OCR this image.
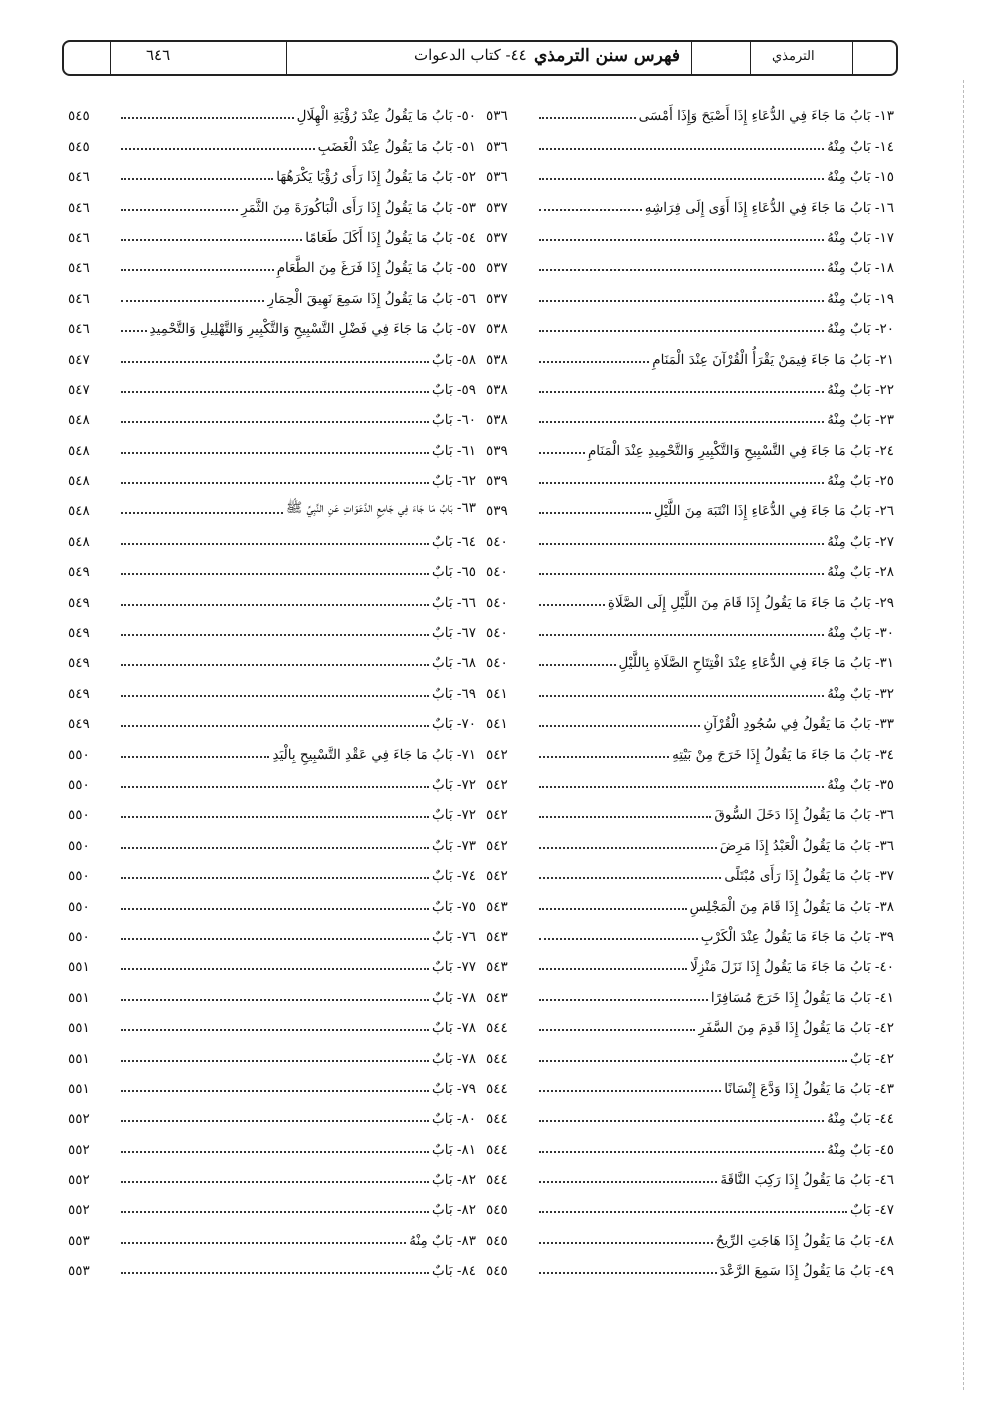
٦٤٦	٤٤- كتاب الدعوات فهرس سنن الترمذي	الترمذي
٥٣٦	١٣- بَابُ مَا جَاءَ فِي الدُّعَاءِ إِذَا أَصْبَحَ وَإِذَا أَمْسَى
٥٣٦	١٤- بَابٌ مِنْهُ
٥٣٦	١٥- بَابٌ مِنْهُ
٥٣٧	١٦- بَابُ مَا جَاءَ فِي الدُّعَاءِ إِذَا أَوَى إِلَى فِرَاشِهِ
٥٣٧	١٧- بَابٌ مِنْهُ
٥٣٧	١٨- بَابٌ مِنْهُ
٥٣٧	١٩- بَابٌ مِنْهُ
٥٣٨	٢٠- بَابٌ مِنْهُ
٥٣٨	٢١- بَابُ مَا جَاءَ فِيمَنْ يَقْرَأُ الْقُرْآنَ عِنْدَ الْمَنَامِ
٥٣٨	٢٢- بَابٌ مِنْهُ
٥٣٨	٢٣- بَابٌ مِنْهُ
٥٣٩	٢٤- بَابُ مَا جَاءَ فِي التَّسْبِيحِ وَالتَّكْبِيرِ وَالتَّحْمِيدِ عِنْدَ الْمَنَامِ
٥٣٩	٢٥- بَابٌ مِنْهُ
٥٣٩	٢٦- بَابُ مَا جَاءَ فِي الدُّعَاءِ إِذَا انْتَبَهَ مِنَ اللَّيْلِ
٥٤٠	٢٧- بَابٌ مِنْهُ
٥٤٠	٢٨- بَابٌ مِنْهُ
٥٤٠	٢٩- بَابُ مَا جَاءَ مَا يَقُولُ إِذَا قَامَ مِنَ اللَّيْلِ إِلَى الصَّلَاةِ
٥٤٠	٣٠- بَابٌ مِنْهُ
٥٤٠	٣١- بَابُ مَا جَاءَ فِي الدُّعَاءِ عِنْدَ افْتِتَاحِ الصَّلَاةِ بِاللَّيْلِ
٥٤١	٣٢- بَابٌ مِنْهُ
٥٤١	٣٣- بَابُ مَا يَقُولُ فِي سُجُودِ الْقُرْآنِ
٥٤٢	٣٤- بَابُ مَا جَاءَ مَا يَقُولُ إِذَا خَرَجَ مِنْ بَيْتِهِ
٥٤٢	٣٥- بَابٌ مِنْهُ
٥٤٢	٣٦- بَابُ مَا يَقُولُ إِذَا دَخَلَ السُّوقَ
٥٤٢	٣٦- بَابُ مَا يَقُولُ الْعَبْدُ إِذَا مَرِضَ
٥٤٢	٣٧- بَابُ مَا يَقُولُ إِذَا رَأَى مُبْتَلًى
٥٤٣	٣٨- بَابُ مَا يَقُولُ إِذَا قَامَ مِنَ الْمَجْلِسِ
٥٤٣	٣٩- بَابُ مَا جَاءَ مَا يَقُولُ عِنْدَ الْكَرْبِ
٥٤٣	٤٠- بَابُ مَا جَاءَ مَا يَقُولُ إِذَا نَزَلَ مَنْزِلًا
٥٤٣	٤١- بَابُ مَا يَقُولُ إِذَا خَرَجَ مُسَافِرًا
٥٤٤	٤٢- بَابُ مَا يَقُولُ إِذَا قَدِمَ مِنَ السَّفَرِ
٥٤٤	٤٢- بَابٌ
٥٤٤	٤٣- بَابُ مَا يَقُولُ إِذَا وَدَّعَ إِنْسَانًا
٥٤٤	٤٤- بَابٌ مِنْهُ
٥٤٤	٤٥- بَابٌ مِنْهُ
٥٤٤	٤٦- بَابُ مَا يَقُولُ إِذَا رَكِبَ النَّاقَةَ
٥٤٥	٤٧- بَابٌ
٥٤٥	٤٨- بَابُ مَا يَقُولُ إِذَا هَاجَتِ الرِّيحُ
٥٤٥	٤٩- بَابُ مَا يَقُولُ إِذَا سَمِعَ الرَّعْدَ
٥٤٥	٥٠- بَابُ مَا يَقُولُ عِنْدَ رُؤْيَةِ الْهِلَالِ
٥٤٥	٥١- بَابُ مَا يَقُولُ عِنْدَ الْغَضَبِ
٥٤٦	٥٢- بَابُ مَا يَقُولُ إِذَا رَأَى رُؤْيَا يَكْرَهُهَا
٥٤٦	٥٣- بَابُ مَا يَقُولُ إِذَا رَأَى الْبَاكُورَةَ مِنَ الثَّمَرِ
٥٤٦	٥٤- بَابُ مَا يَقُولُ إِذَا أَكَلَ طَعَامًا
٥٤٦	٥٥- بَابُ مَا يَقُولُ إِذَا فَرَغَ مِنَ الطَّعَامِ
٥٤٦	٥٦- بَابُ مَا يَقُولُ إِذَا سَمِعَ نَهِيقَ الْحِمَارِ
٥٤٦	٥٧- بَابُ مَا جَاءَ فِي فَضْلِ التَّسْبِيحِ وَالتَّكْبِيرِ وَالتَّهْلِيلِ وَالتَّحْمِيدِ
٥٤٧	٥٨- بَابٌ
٥٤٧	٥٩- بَابٌ
٥٤٨	٦٠- بَابٌ
٥٤٨	٦١- بَابٌ
٥٤٨	٦٢- بَابٌ
٥٤٨	٦٣- بَابُ مَا جَاءَ فِي جَامِعِ الدَّعَوَاتِ عَنِ النَّبِيِّ ﷺ
٥٤٨	٦٤- بَابٌ
٥٤٩	٦٥- بَابٌ
٥٤٩	٦٦- بَابٌ
٥٤٩	٦٧- بَابٌ
٥٤٩	٦٨- بَابٌ
٥٤٩	٦٩- بَابٌ
٥٤٩	٧٠- بَابٌ
٥٥٠	٧١- بَابُ مَا جَاءَ فِي عَقْدِ التَّسْبِيحِ بِالْيَدِ
٥٥٠	٧٢- بَابٌ
٥٥٠	٧٢- بَابٌ
٥٥٠	٧٣- بَابٌ
٥٥٠	٧٤- بَابٌ
٥٥٠	٧٥- بَابٌ
٥٥٠	٧٦- بَابٌ
٥٥١	٧٧- بَابٌ
٥٥١	٧٨- بَابٌ
٥٥١	٧٨- بَابٌ
٥٥١	٧٨- بَابٌ
٥٥١	٧٩- بَابٌ
٥٥٢	٨٠- بَابٌ
٥٥٢	٨١- بَابٌ
٥٥٢	٨٢- بَابٌ
٥٥٢	٨٢- بَابٌ
٥٥٣	٨٣- بَابٌ مِنْهُ
٥٥٣	٨٤- بَابٌ
